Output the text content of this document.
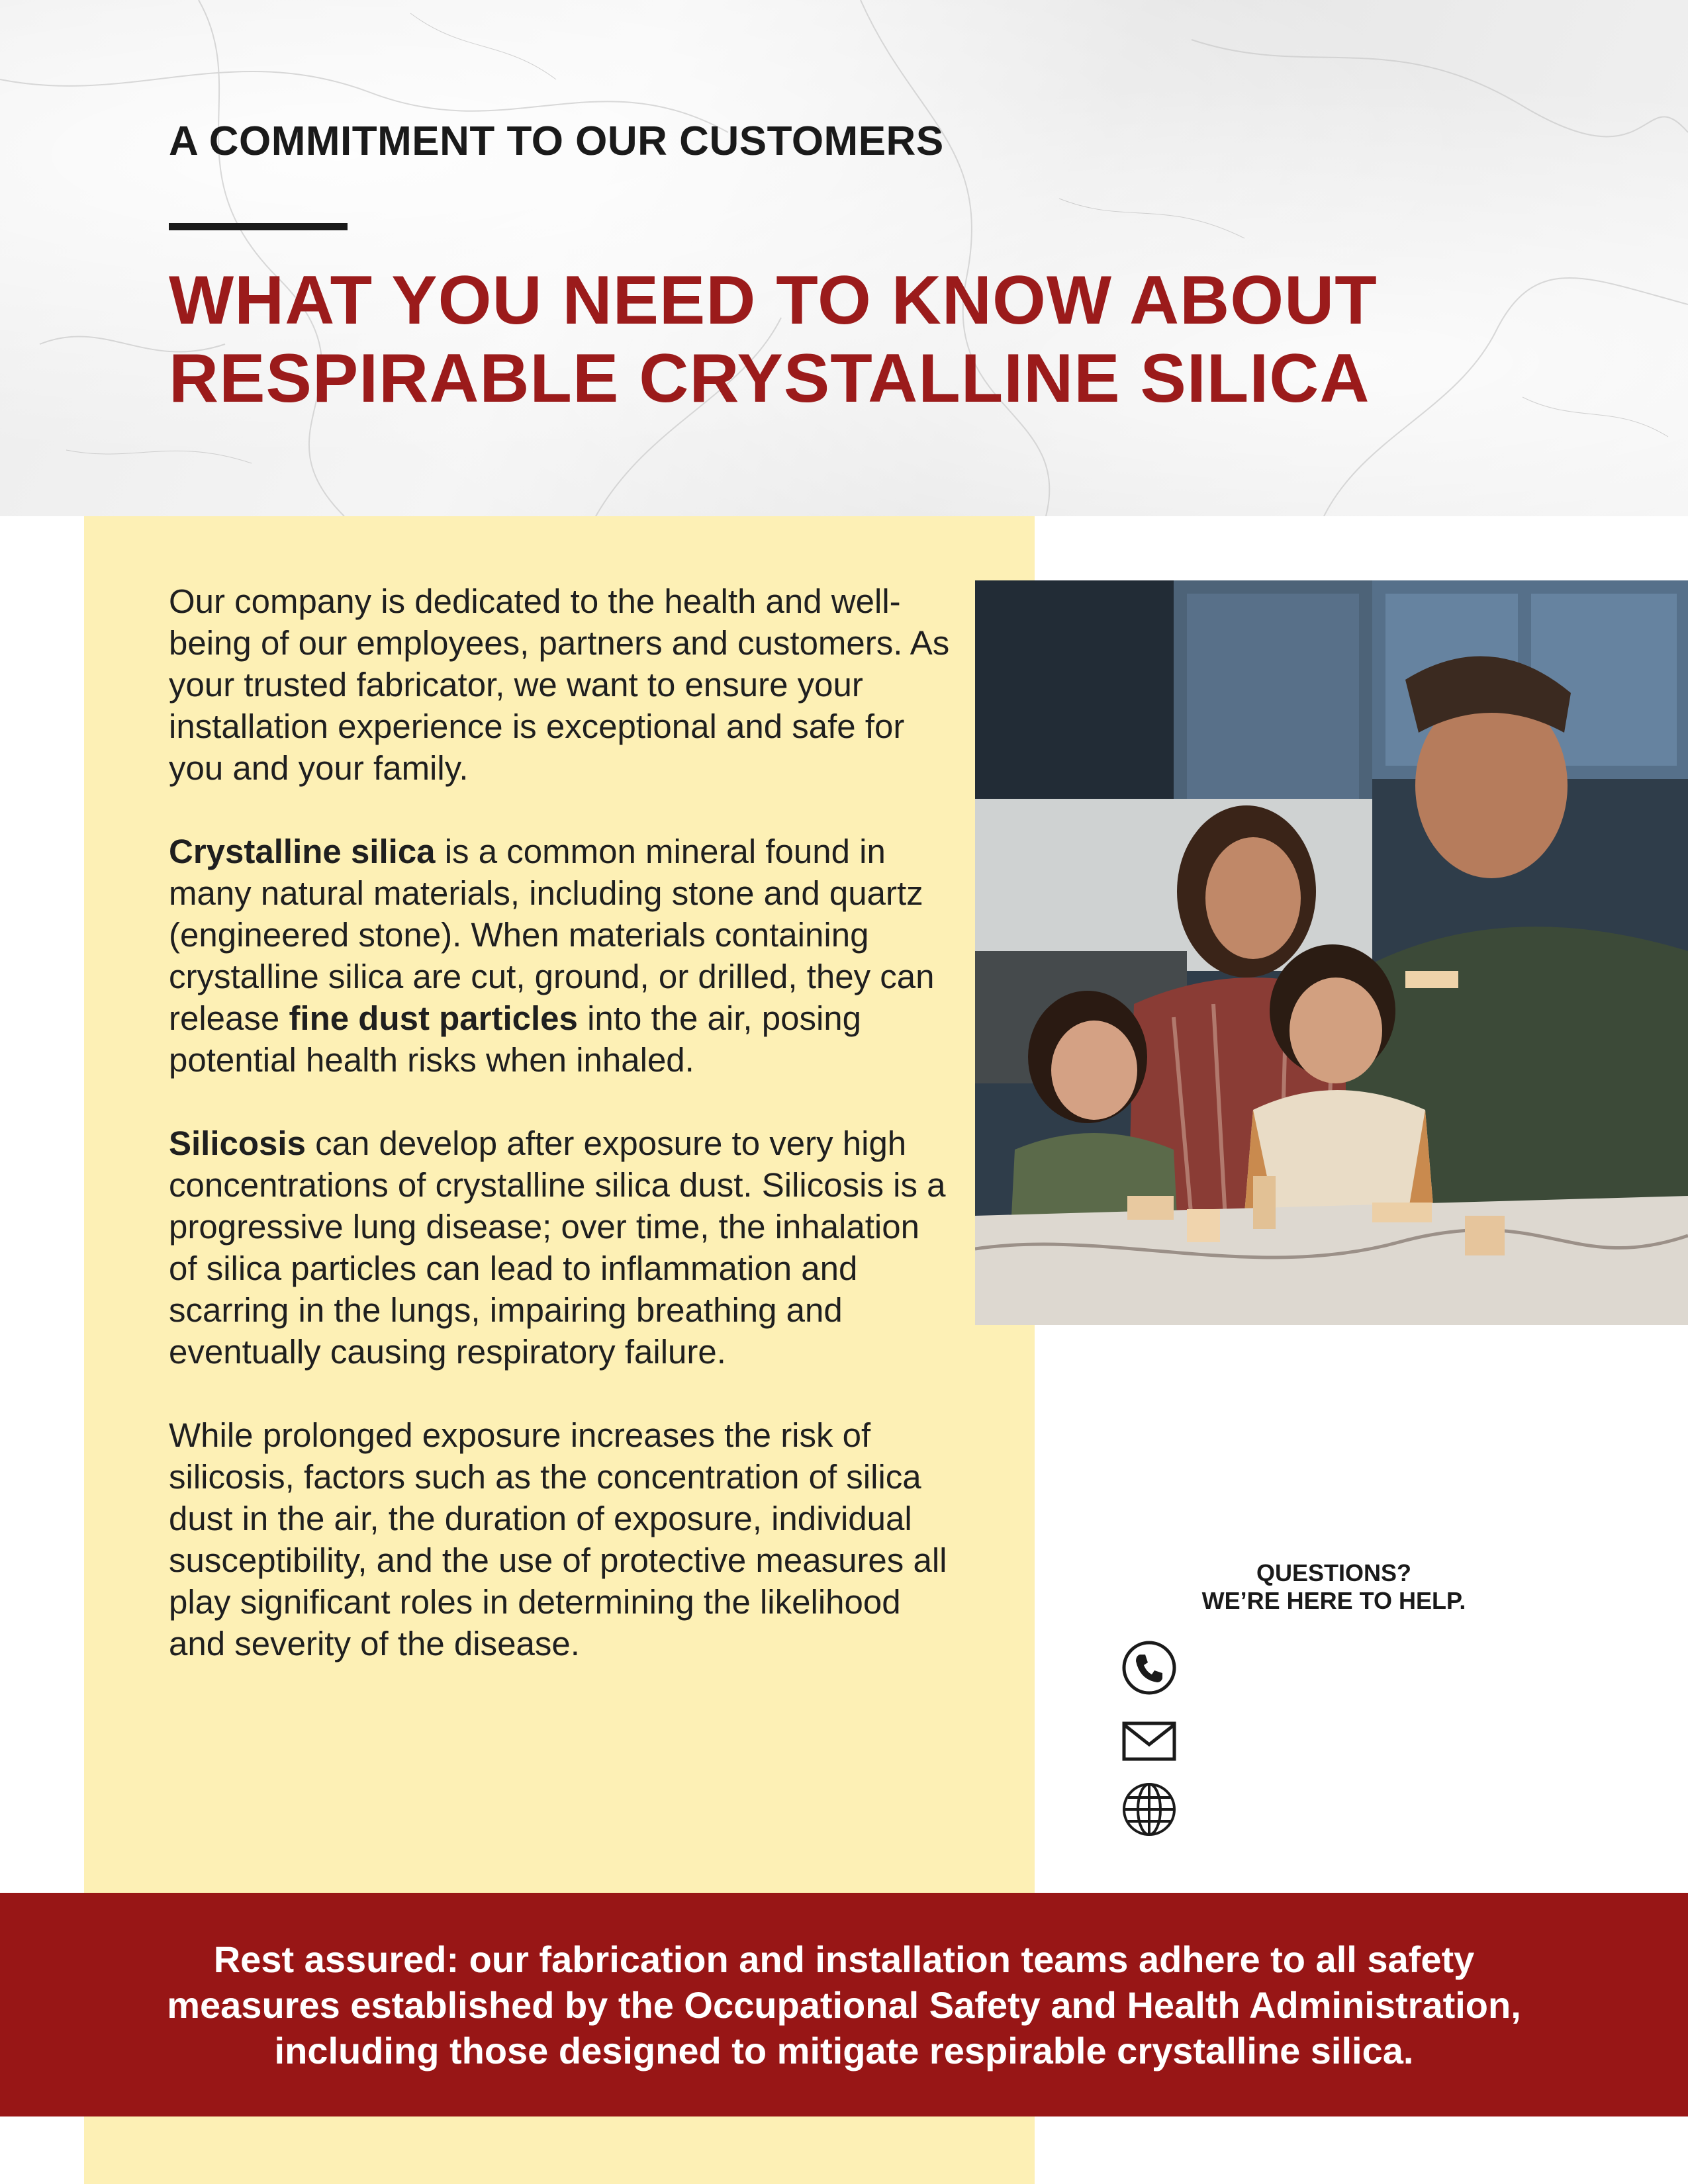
A COMMITMENT TO OUR CUSTOMERS
WHAT YOU NEED TO KNOW ABOUT
RESPIRABLE CRYSTALLINE SILICA

Our company is dedicated to the health and well-being of our employees, partners and customers. As your trusted fabricator, we want to ensure your installation experience is exceptional and safe for you and your family.

Crystalline silica is a common mineral found in many natural materials, including stone and quartz (engineered stone). When materials containing crystalline silica are cut, ground, or drilled, they can release fine dust particles into the air, posing potential health risks when inhaled.

Silicosis can develop after exposure to very high concentrations of crystalline silica dust. Silicosis is a progressive lung disease; over time, the inhalation of silica particles can lead to inflammation and scarring in the lungs, impairing breathing and eventually causing respiratory failure.

While prolonged exposure increases the risk of silicosis, factors such as the concentration of silica dust in the air, the duration of exposure, individual susceptibility, and the use of protective measures all play significant roles in determining the likelihood and severity of the disease.

QUESTIONS?
WE’RE HERE TO HELP.
Rest assured: our fabrication and installation teams adhere to all safety
measures established by the Occupational Safety and Health Administration,
including those designed to mitigate respirable crystalline silica.
